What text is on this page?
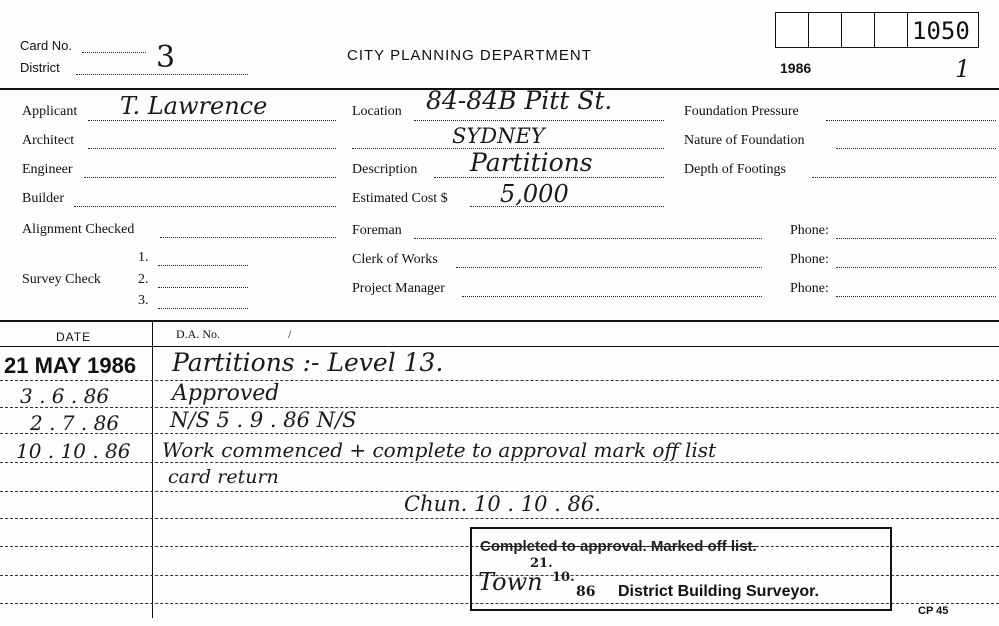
Card No.
District	3	CITY PLANNING DEPARTMENT
1050
1986	1
Applicant T. Lawrence
Architect
Engineer
Builder
Alignment Checked
Survey Check
1.
2.
3.
Location 84-84B Pitt St.
SYDNEY
Description Partitions
Estimated Cost $ 5,000
Foreman
Clerk of Works
Project Manager
Foundation Pressure
Nature of Foundation
Depth of Footings
Phone:
Phone:
Phone:
DATE	D.A. No.	/
21 MAY 1986 Partitions :- Level 13.
3 . 6 . 86	Approved
2 . 7 . 86 N/S 5 . 9 . 86 N/S
10 . 10 . 86 Work commenced + complete to approval mark off list
card return
Chun. 10 . 10 . 86.
Completed to approval. Marked off list.
Town
21.
10.
86 District Building Surveyor.
CP 45
